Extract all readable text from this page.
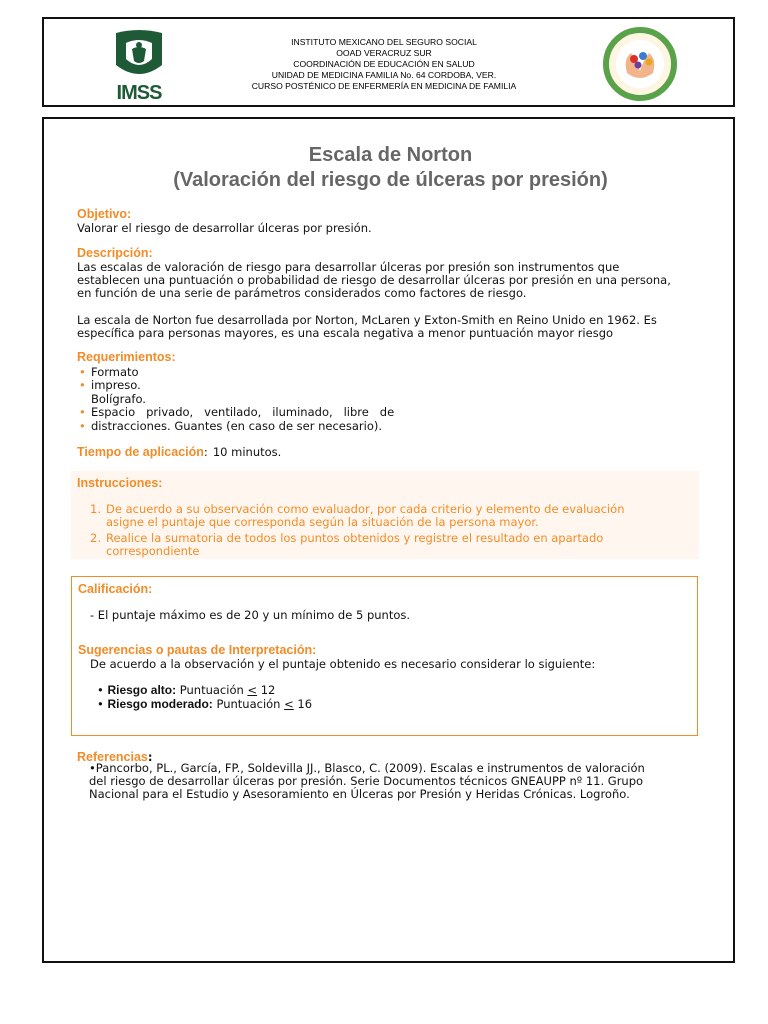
IMSS
INSTITUTO MEXICANO DEL SEGURO SOCIAL
OOAD VERACRUZ SUR
COORDINACIÓN DE EDUCACIÓN EN SALUD
UNIDAD DE MEDICINA FAMILIA No. 64 CORDOBA, VER.
CURSO POSTÉNICO DE ENFERMERÍA EN MEDICINA DE FAMILIA
Escala de Norton
(Valoración del riesgo de úlceras por presión)
Objetivo:
Valorar el riesgo de desarrollar úlceras por presión.
Descripción:
Las escalas de valoración de riesgo para desarrollar úlceras por presión son instrumentos que
establecen una puntuación o probabilidad de riesgo de desarrollar úlceras por presión en una persona,
en función de una serie de parámetros considerados como factores de riesgo.
La escala de Norton fue desarrollada por Norton, McLaren y Exton-Smith en Reino Unido en 1962. Es
específica para personas mayores, es una escala negativa a menor puntuación mayor riesgo
Requerimientos:
• Formato
• impreso.
Bolígrafo.
• Espacio   privado,   ventilado,   iluminado,   libre   de
• distracciones. Guantes (en caso de ser necesario).
Tiempo de aplicación: 10 minutos.
Instrucciones:
1. De acuerdo a su observación como evaluador, por cada criterio y elemento de evaluación
asigne el puntaje que corresponda según la situación de la persona mayor.
2. Realice la sumatoria de todos los puntos obtenidos y registre el resultado en apartado
correspondiente
Calificación:
- El puntaje máximo es de 20 y un mínimo de 5 puntos.
Sugerencias o pautas de Interpretación:
De acuerdo a la observación y el puntaje obtenido es necesario considerar lo siguiente:
• Riesgo alto: Puntuación < 12
• Riesgo moderado: Puntuación < 16
Referencias:
•Pancorbo, PL., García, FP., Soldevilla JJ., Blasco, C. (2009). Escalas e instrumentos de valoración
del riesgo de desarrollar úlceras por presión. Serie Documentos técnicos GNEAUPP nº 11. Grupo
Nacional para el Estudio y Asesoramiento en Úlceras por Presión y Heridas Crónicas. Logroño.
